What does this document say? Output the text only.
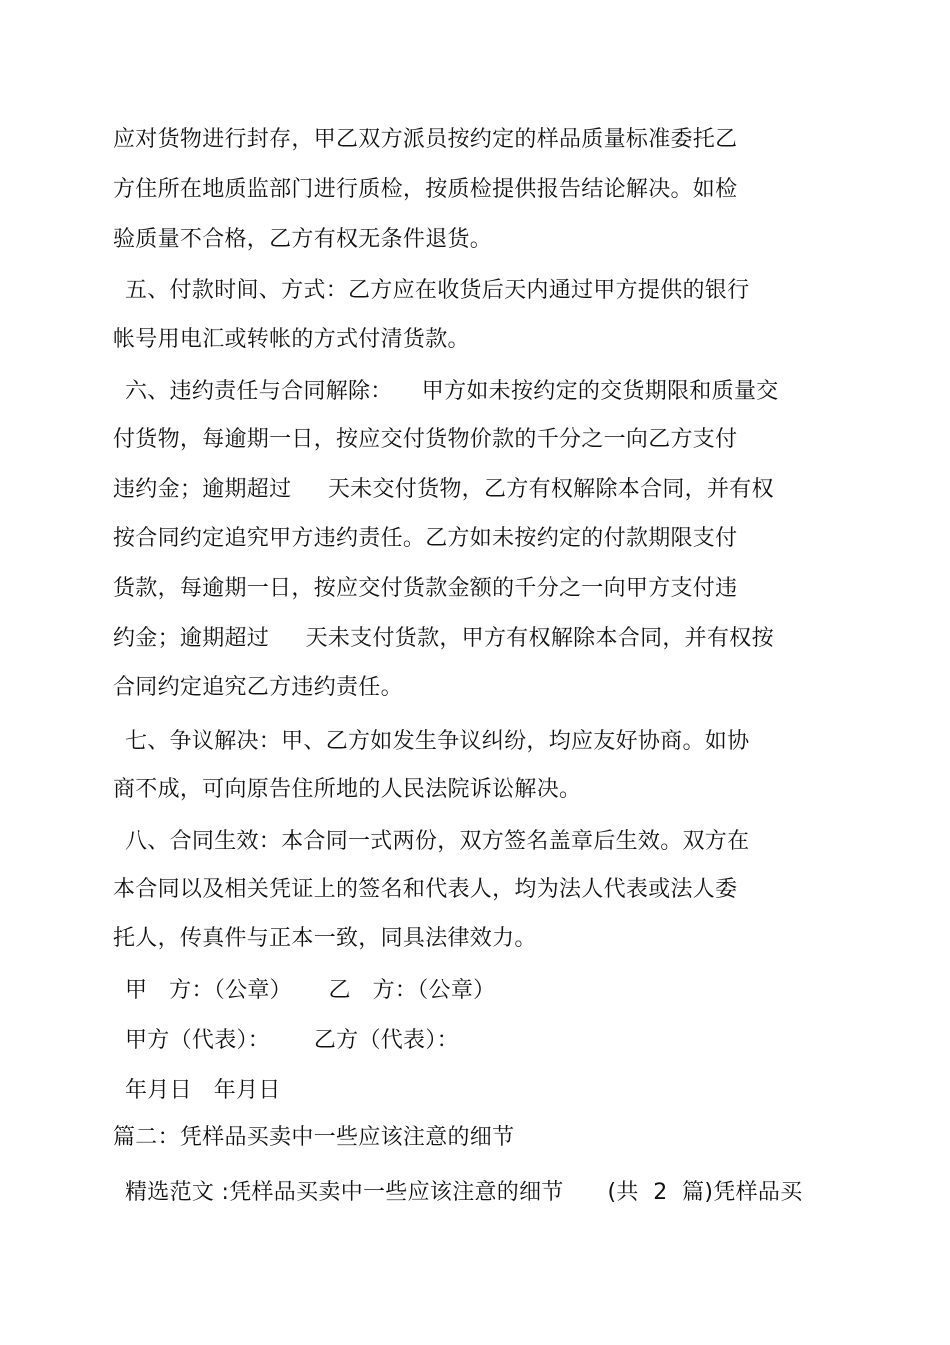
应对货物进行封存，甲乙双方派员按约定的样品质量标准委托乙
方住所在地质监部门进行质检，按质检提供报告结论解决。如检
验质量不合格，乙方有权无条件退货。
五、付款时间、方式：乙方应在收货后天内通过甲方提供的银行
帐号用电汇或转帐的方式付清货款。
六、违约责任与合同解除：    甲方如未按约定的交货期限和质量交
付货物，每逾期一日，按应交付货物价款的千分之一向乙方支付
违约金；逾期超过     天未交付货物，乙方有权解除本合同，并有权
按合同约定追究甲方违约责任。乙方如未按约定的付款期限支付
货款，每逾期一日，按应交付货款金额的千分之一向甲方支付违
约金；逾期超过     天未支付货款，甲方有权解除本合同，并有权按
合同约定追究乙方违约责任。
七、争议解决：甲、乙方如发生争议纠纷，均应友好协商。如协
商不成，可向原告住所地的人民法院诉讼解决。
八、合同生效：本合同一式两份，双方签名盖章后生效。双方在
本合同以及相关凭证上的签名和代表人，均为法人代表或法人委
托人，传真件与正本一致，同具法律效力。
甲   方：（公章）     乙   方：（公章）
甲方（代表）：      乙方（代表）：
年月日   年月日
篇二：凭样品买卖中一些应该注意的细节
精选范文 :凭样品买卖中一些应该注意的细节      (共  2  篇)凭样品买
